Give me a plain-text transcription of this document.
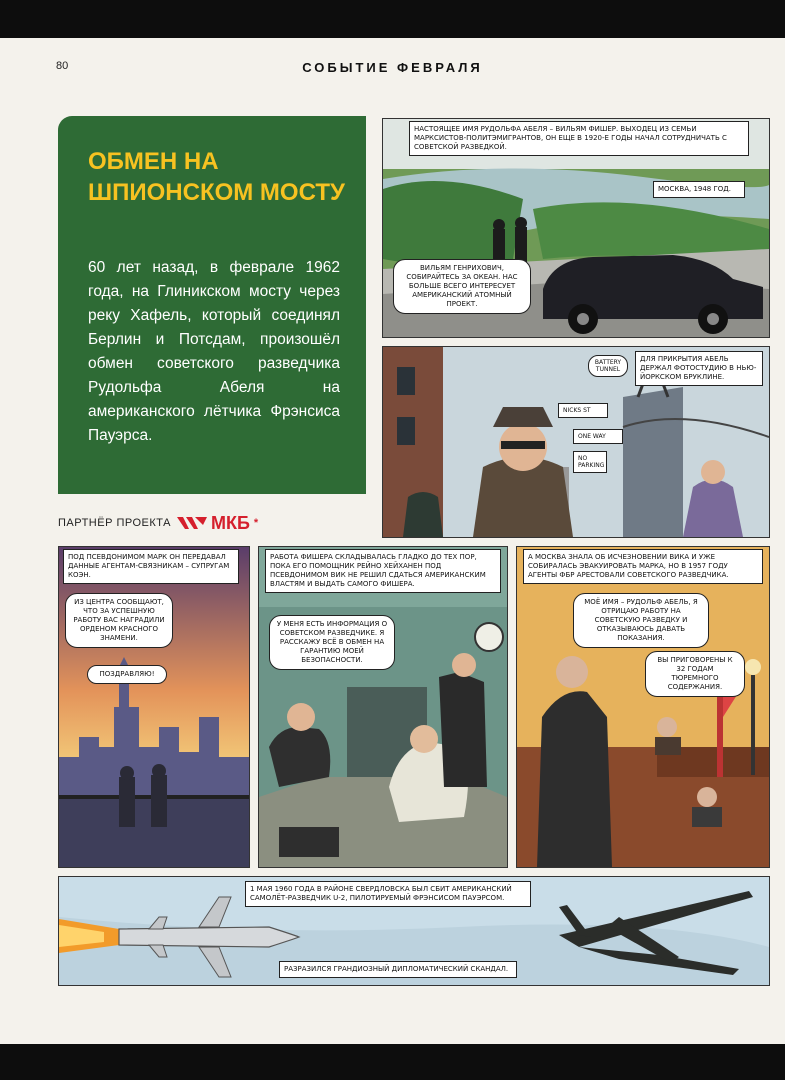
80	СОБЫТИЕ ФЕВРАЛЯ
ОБМЕН НА ШПИОНСКОМ МОСТУ

60 лет назад, в феврале 1962 года, на Глиникском мосту через реку Хафель, который соединял Берлин и Потсдам, произошёл обмен советского разведчика Рудольфа Абеля на американского лётчика Фрэнсиса Пауэрса.

ПАРТНЁР ПРОЕКТА МКБ *
НАСТОЯЩЕЕ ИМЯ РУДОЛЬФА АБЕЛЯ – ВИЛЬЯМ ФИШЕР. ВЫХОДЕЦ ИЗ СЕМЬИ МАРКСИСТОВ-ПОЛИТЭМИГРАНТОВ, ОН ЕЩЕ В 1920-Е ГОДЫ НАЧАЛ СОТРУДНИЧАТЬ С СОВЕТСКОЙ РАЗВЕДКОЙ.
МОСКВА, 1948 ГОД.
ВИЛЬЯМ ГЕНРИХОВИЧ, СОБИРАЙТЕСЬ ЗА ОКЕАН. НАС БОЛЬШЕ ВСЕГО ИНТЕРЕСУЕТ АМЕРИКАНСКИЙ АТОМНЫЙ ПРОЕКТ.
ДЛЯ ПРИКРЫТИЯ АБЕЛЬ ДЕРЖАЛ ФОТОСТУДИЮ В НЬЮ-ЙОРКСКОМ БРУКЛИНЕ.
BATTERY TUNNEL
NICKS ST
ONE WAY
NO PARKING
ПОД ПСЕВДОНИМОМ МАРК ОН ПЕРЕДАВАЛ ДАННЫЕ АГЕНТАМ-СВЯЗНИКАМ – СУПРУГАМ КОЭН.
ИЗ ЦЕНТРА СООБЩАЮТ, ЧТО ЗА УСПЕШНУЮ РАБОТУ ВАС НАГРАДИЛИ ОРДЕНОМ КРАСНОГО ЗНАМЕНИ.
ПОЗДРАВЛЯЮ!
РАБОТА ФИШЕРА СКЛАДЫВАЛАСЬ ГЛАДКО ДО ТЕХ ПОР, ПОКА ЕГО ПОМОЩНИК РЕЙНО ХЕЙХАНЕН ПОД ПСЕВДОНИМОМ ВИК НЕ РЕШИЛ СДАТЬСЯ АМЕРИКАНСКИМ ВЛАСТЯМ И ВЫДАТЬ САМОГО ФИШЕРА.
У МЕНЯ ЕСТЬ ИНФОРМАЦИЯ О СОВЕТСКОМ РАЗВЕДЧИКЕ. Я РАССКАЖУ ВСЁ В ОБМЕН НА ГАРАНТИЮ МОЕЙ БЕЗОПАСНОСТИ.
А МОСКВА ЗНАЛА ОБ ИСЧЕЗНОВЕНИИ ВИКА И УЖЕ СОБИРАЛАСЬ ЭВАКУИРОВАТЬ МАРКА, НО В 1957 ГОДУ АГЕНТЫ ФБР АРЕСТОВАЛИ СОВЕТСКОГО РАЗВЕДЧИКА.
МОЁ ИМЯ – РУДОЛЬФ АБЕЛЬ, Я ОТРИЦАЮ РАБОТУ НА СОВЕТСКУЮ РАЗВЕДКУ И ОТКАЗЫВАЮСЬ ДАВАТЬ ПОКАЗАНИЯ.
ВЫ ПРИГОВОРЕНЫ К 32 ГОДАМ ТЮРЕМНОГО СОДЕРЖАНИЯ.
1 МАЯ 1960 ГОДА В РАЙОНЕ СВЕРДЛОВСКА БЫЛ СБИТ АМЕРИКАНСКИЙ САМОЛЁТ-РАЗВЕДЧИК U-2, ПИЛОТИРУЕМЫЙ ФРЭНСИСОМ ПАУЭРСОМ.
РАЗРАЗИЛСЯ ГРАНДИОЗНЫЙ ДИПЛОМАТИЧЕСКИЙ СКАНДАЛ.
